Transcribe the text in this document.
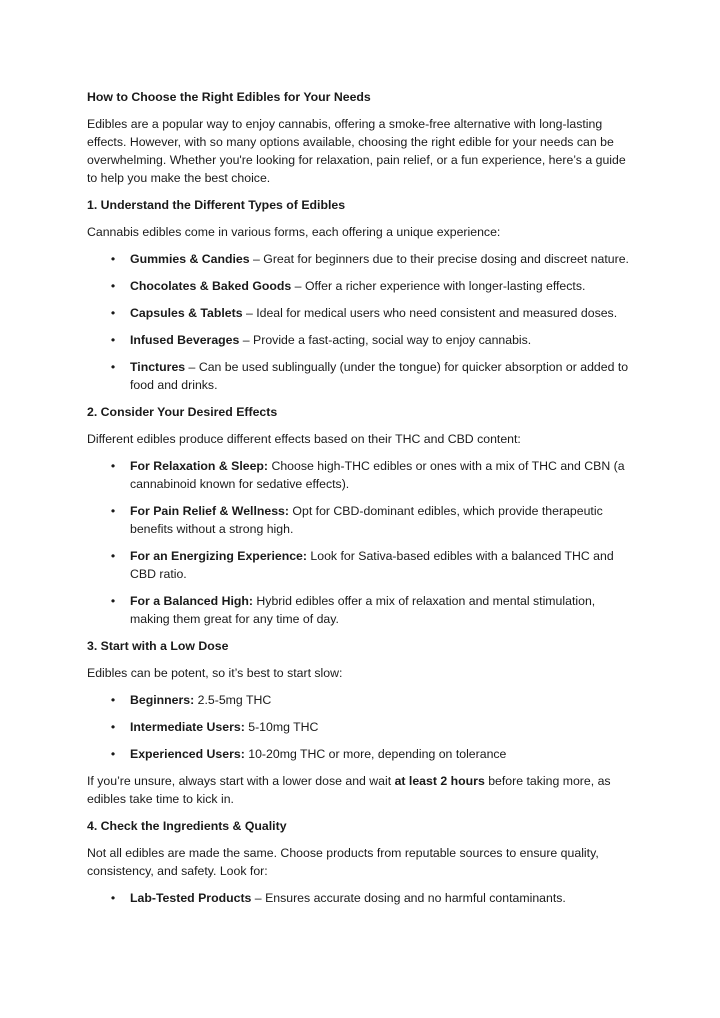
How to Choose the Right Edibles for Your Needs

Edibles are a popular way to enjoy cannabis, offering a smoke-free alternative with long-lasting effects. However, with so many options available, choosing the right edible for your needs can be overwhelming. Whether you're looking for relaxation, pain relief, or a fun experience, here’s a guide to help you make the best choice.

1. Understand the Different Types of Edibles

Cannabis edibles come in various forms, each offering a unique experience:

• Gummies & Candies – Great for beginners due to their precise dosing and discreet nature.
• Chocolates & Baked Goods – Offer a richer experience with longer-lasting effects.
• Capsules & Tablets – Ideal for medical users who need consistent and measured doses.
• Infused Beverages – Provide a fast-acting, social way to enjoy cannabis.
• Tinctures – Can be used sublingually (under the tongue) for quicker absorption or added to food and drinks.

2. Consider Your Desired Effects

Different edibles produce different effects based on their THC and CBD content:

• For Relaxation & Sleep: Choose high-THC edibles or ones with a mix of THC and CBN (a cannabinoid known for sedative effects).
• For Pain Relief & Wellness: Opt for CBD-dominant edibles, which provide therapeutic benefits without a strong high.
• For an Energizing Experience: Look for Sativa-based edibles with a balanced THC and CBD ratio.
• For a Balanced High: Hybrid edibles offer a mix of relaxation and mental stimulation, making them great for any time of day.

3. Start with a Low Dose

Edibles can be potent, so it’s best to start slow:

• Beginners: 2.5-5mg THC
• Intermediate Users: 5-10mg THC
• Experienced Users: 10-20mg THC or more, depending on tolerance

If you’re unsure, always start with a lower dose and wait at least 2 hours before taking more, as edibles take time to kick in.

4. Check the Ingredients & Quality

Not all edibles are made the same. Choose products from reputable sources to ensure quality, consistency, and safety. Look for:

• Lab-Tested Products – Ensures accurate dosing and no harmful contaminants.
